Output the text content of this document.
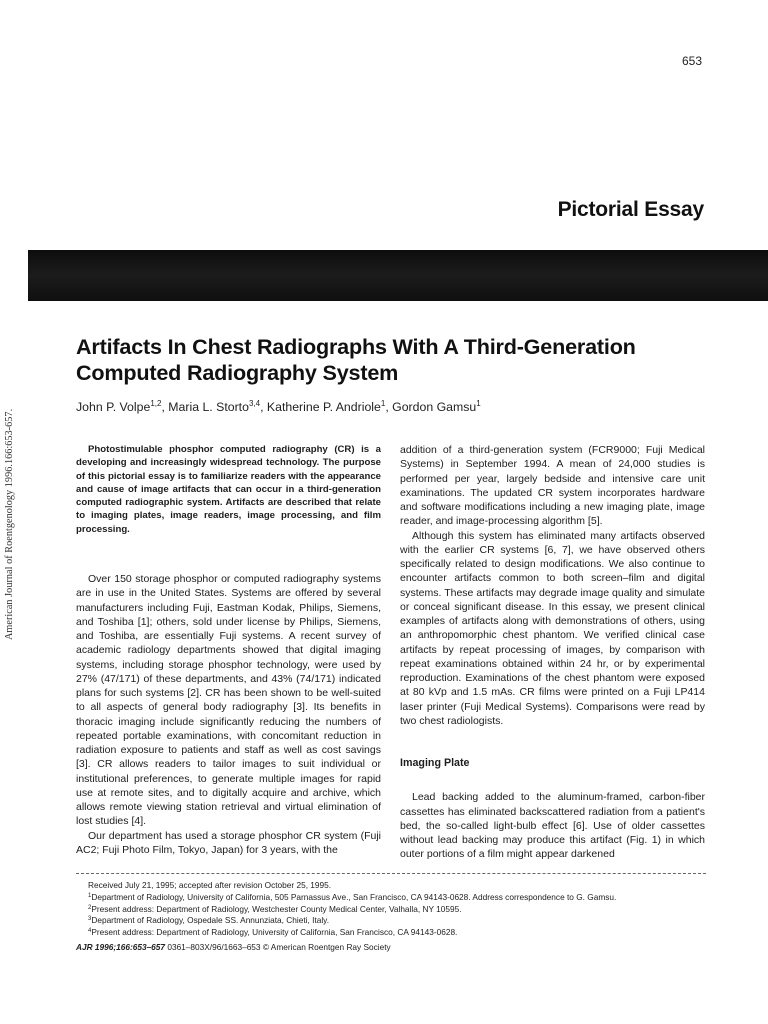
653
American Journal of Roentgenology 1996.166:653-657.
Pictorial Essay
Artifacts In Chest Radiographs With A Third-Generation Computed Radiography System
John P. Volpe$^{1,2}$, Maria L. Storto$^{3,4}$, Katherine P. Andriole$^1$, Gordon Gamsu$^1$

Photostimulable phosphor computed radiography (CR) is a developing and increasingly widespread technology. The purpose of this pictorial essay is to familiarize readers with the appearance and cause of image artifacts that can occur in a third-generation computed radiographic system. Artifacts are described that relate to imaging plates, image readers, image processing, and film processing.

Over 150 storage phosphor or computed radiography systems are in use in the United States. Systems are offered by several manufacturers including Fuji, Eastman Kodak, Philips, Siemens, and Toshiba [1]; others, sold under license by Philips, Siemens, and Toshiba, are essentially Fuji systems. A recent survey of academic radiology departments showed that digital imaging systems, including storage phosphor technology, were used by 27% (47/171) of these departments, and 43% (74/171) indicated plans for such systems [2]. CR has been shown to be well-suited to all aspects of general body radiography [3]. Its benefits in thoracic imaging include significantly reducing the numbers of repeated portable examinations, with concomitant reduction in radiation exposure to patients and staff as well as cost savings [3]. CR allows readers to tailor images to suit individual or institutional preferences, to generate multiple images for rapid use at remote sites, and to digitally acquire and archive, which allows remote viewing station retrieval and virtual elimination of lost studies [4].

Our department has used a storage phosphor CR system (Fuji AC2; Fuji Photo Film, Tokyo, Japan) for 3 years, with the

addition of a third-generation system (FCR9000; Fuji Medical Systems) in September 1994. A mean of 24,000 studies is performed per year, largely bedside and intensive care unit examinations. The updated CR system incorporates hardware and software modifications including a new imaging plate, image reader, and image-processing algorithm [5].

Although this system has eliminated many artifacts observed with the earlier CR systems [6, 7], we have observed others specifically related to design modifications. We also continue to encounter artifacts common to both screen–film and digital systems. These artifacts may degrade image quality and simulate or conceal significant disease. In this essay, we present clinical examples of artifacts along with demonstrations of others, using an anthropomorphic chest phantom. We verified clinical case artifacts by repeat processing of images, by comparison with repeat examinations obtained within 24 hr, or by experimental reproduction. Examinations of the chest phantom were exposed at 80 kVp and 1.5 mAs. CR films were printed on a Fuji LP414 laser printer (Fuji Medical Systems). Comparisons were read by two chest radiologists.

Imaging Plate

Lead backing added to the aluminum-framed, carbon-fiber cassettes has eliminated backscattered radiation from a patient's bed, the so-called light-bulb effect [6]. Use of older cassettes without lead backing may produce this artifact (Fig. 1) in which outer portions of a film might appear darkened

Received July 21, 1995; accepted after revision October 25, 1995.
$^1$Department of Radiology, University of California, 505 Parnassus Ave., San Francisco, CA 94143-0628. Address correspondence to G. Gamsu.
$^2$Present address: Department of Radiology, Westchester County Medical Center, Valhalla, NY 10595.
$^3$Department of Radiology, Ospedale SS. Annunziata, Chieti, Italy.
$^4$Present address: Department of Radiology, University of California, San Francisco, CA 94143-0628.
AJR 1996;166:653–657 0361–803X/96/1663–653 © American Roentgen Ray Society
